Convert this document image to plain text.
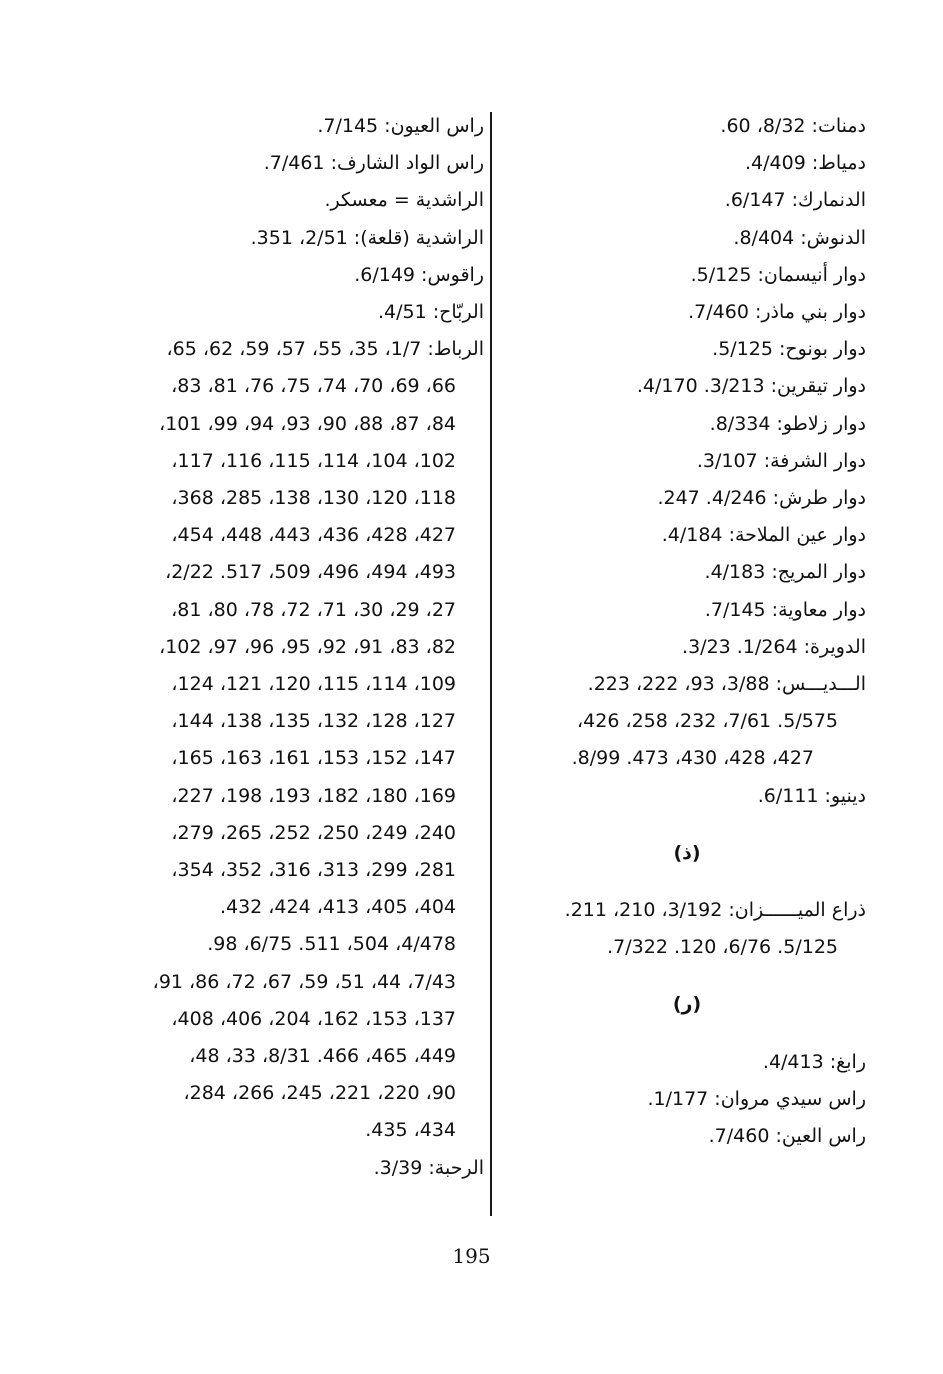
دمنات: 8/32، 60.
دمياط: 4/409.
الدنمارك: 6/147.
الدنوش: 8/404.
دوار أنيسمان: 5/125.
دوار بني ماذر: 7/460.
دوار بونوح: 5/125.
دوار تيقرين: 3/213. 4/170.
دوار زلاطو: 8/334.
دوار الشرفة: 3/107.
دوار طرش: 4/246. 247.
دوار عين الملاحة: 4/184.
دوار المريج: 4/183.
دوار معاوية: 7/145.
الدويرة: 1/264. 3/23.
الـــديـــس: 3/88، 93، 222، 223.
5/575. 7/61، 232، 258، 426،
427، 428، 430، 473. 8/99.
دينيو: 6/111.
(ذ)
ذراع الميــــــزان: 3/192، 210، 211.
5/125. 6/76، 120. 7/322.
(ر)
رابغ: 4/413.
راس سيدي مروان: 1/177.
راس العين: 7/460.
راس العيون: 7/145.
راس الواد الشارف: 7/461.
الراشدية = معسكر.
الراشدية (قلعة): 2/51، 351.
راقوس: 6/149.
الربّاح: 4/51.
الرباط: 1/7، 35، 55، 57، 59، 62، 65،
66، 69، 70، 74، 75، 76، 81، 83،
84، 87، 88، 90، 93، 94، 99، 101،
102، 104، 114، 115، 116، 117،
118، 120، 130، 138، 285، 368،
427، 428، 436، 443، 448، 454،
493، 494، 496، 509، 517. 2/22،
27، 29، 30، 71، 72، 78، 80، 81،
82، 83، 91، 92، 95، 96، 97، 102،
109، 114، 115، 120، 121، 124،
127، 128، 132، 135، 138، 144،
147، 152، 153، 161، 163، 165،
169، 180، 182، 193، 198، 227،
240، 249، 250، 252، 265، 279،
281، 299، 313، 316، 352، 354،
404، 405، 413، 424، 432.
4/478، 504، 511. 6/75، 98.
7/43، 44، 51، 59، 67، 72، 86، 91،
137، 153، 162، 204، 406، 408،
449، 465، 466. 8/31، 33، 48،
90، 220، 221، 245، 266، 284،
434، 435.
الرحبة: 3/39.
195
